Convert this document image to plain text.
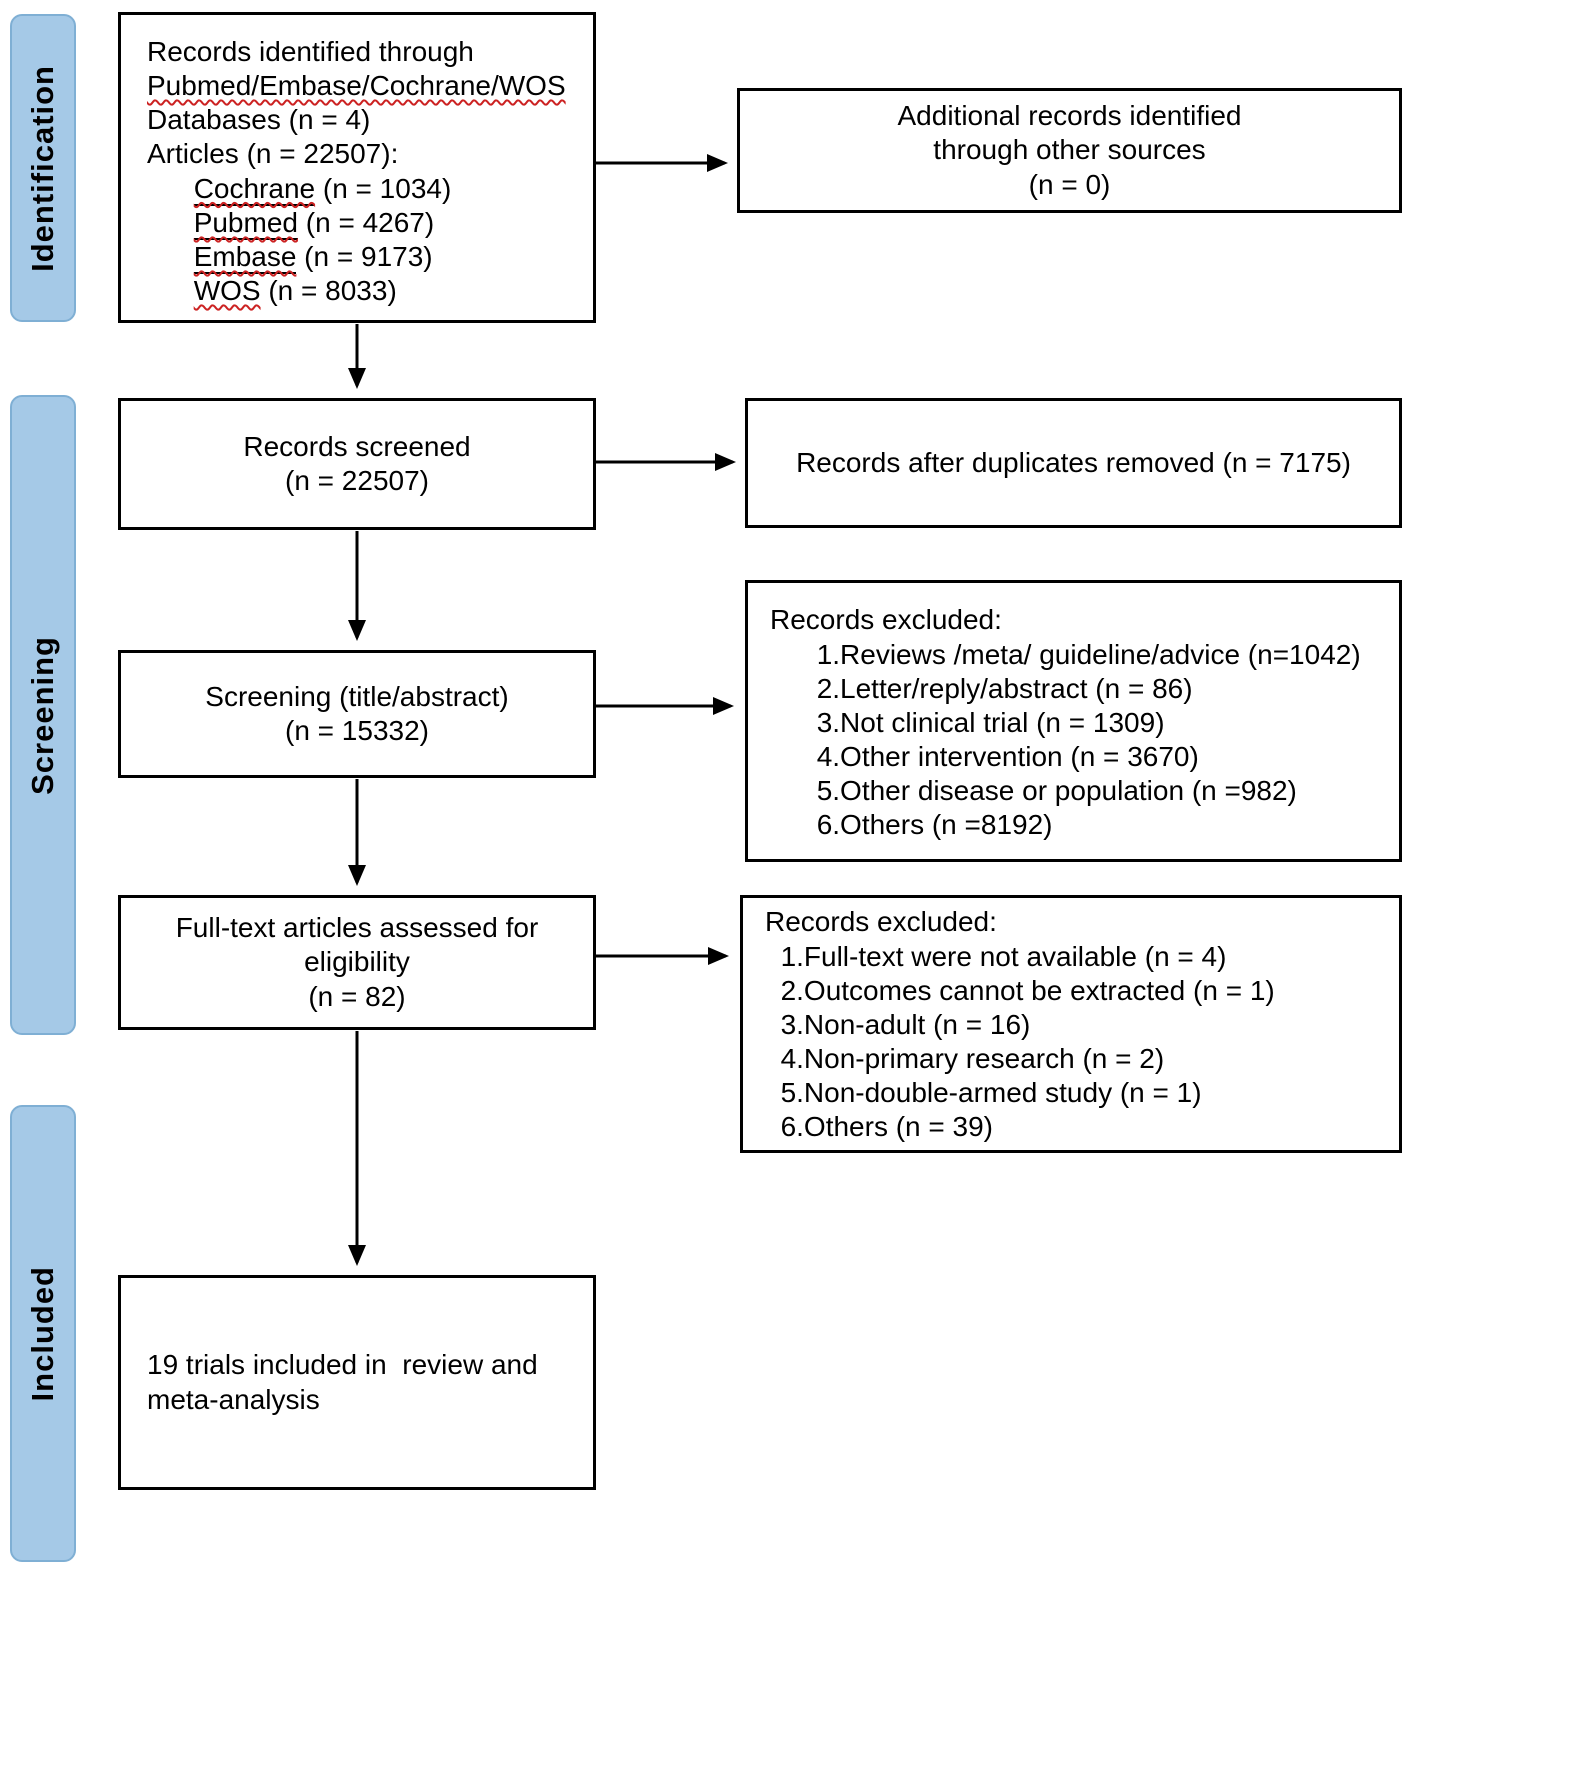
Identification
Screening
Included
Records identified through
Pubmed/Embase/Cochrane/WOS
Databases (n = 4)
Articles (n = 22507):
Cochrane (n = 1034)
Pubmed (n = 4267)
Embase (n = 9173)
WOS (n = 8033)
Additional records identified
through other sources
(n = 0)
Records screened
(n = 22507)
Records after duplicates removed (n = 7175)
Screening (title/abstract)
(n = 15332)
Records excluded:
1.Reviews /meta/ guideline/advice (n=1042)
2.Letter/reply/abstract (n = 86)
3.Not clinical trial (n = 1309)
4.Other intervention (n = 3670)
5.Other disease or population (n =982)
6.Others (n =8192)
Full-text articles assessed for
eligibility
(n = 82)
Records excluded:
1.Full-text were not available (n = 4)
2.Outcomes cannot be extracted (n = 1)
3.Non-adult (n = 16)
4.Non-primary research (n = 2)
5.Non-double-armed study (n = 1)
6.Others (n = 39)
19 trials included in  review and
meta-analysis
